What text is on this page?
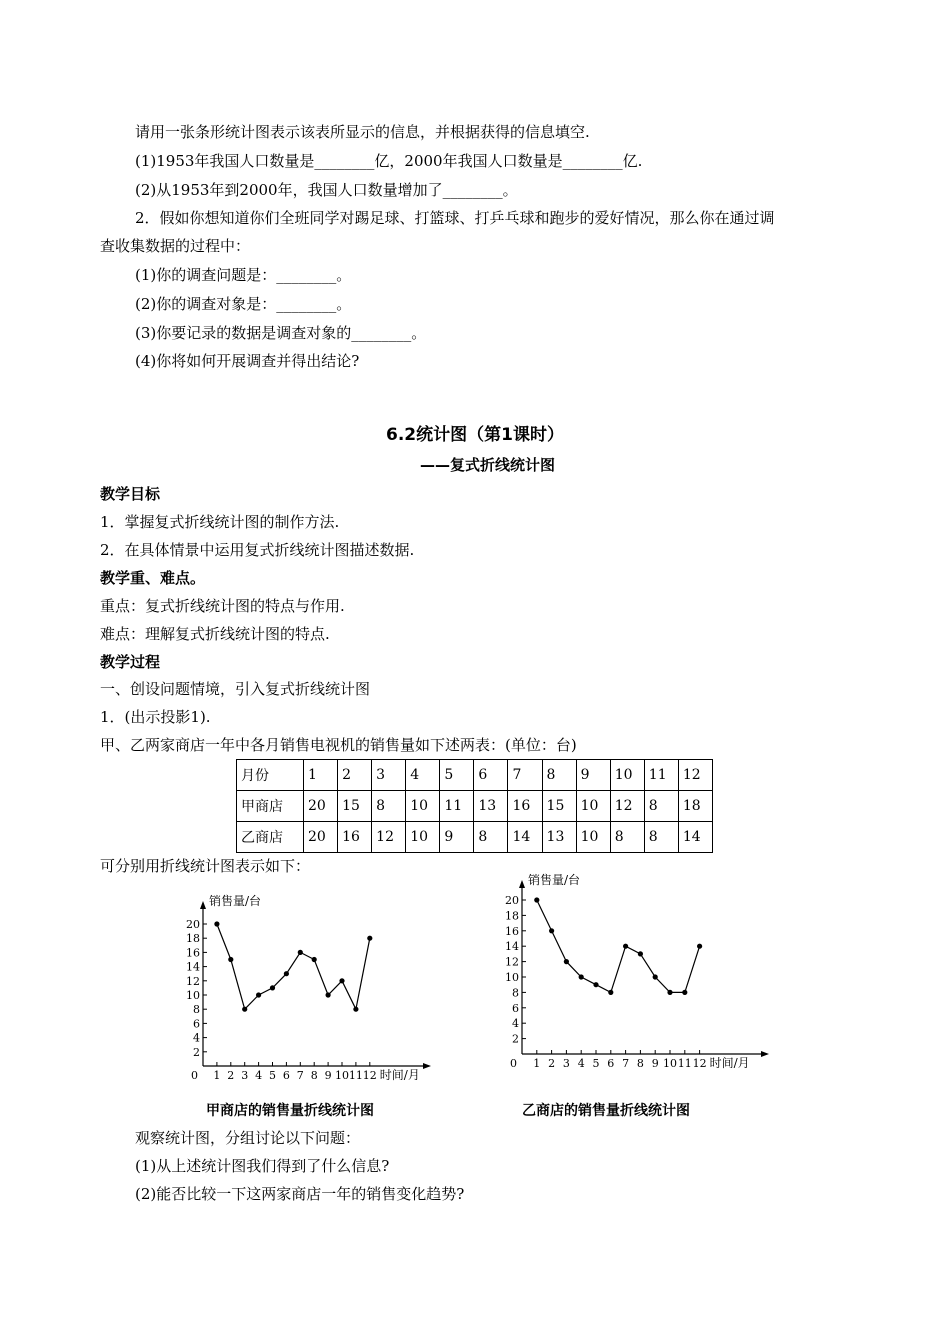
请用一张条形统计图表示该表所显示的信息，并根据获得的信息填空.
(1)1953年我国人口数量是________亿，2000年我国人口数量是________亿.
(2)从1953年到2000年，我国人口数量增加了________。
2．假如你想知道你们全班同学对踢足球、打篮球、打乒乓球和跑步的爱好情况，那么你在通过调
查收集数据的过程中：
(1)你的调查问题是：________。
(2)你的调查对象是：________。
(3)你要记录的数据是调查对象的________。
(4)你将如何开展调查并得出结论?
6.2统计图（第1课时）
——复式折线统计图
教学目标
1．掌握复式折线统计图的制作方法.
2．在具体情景中运用复式折线统计图描述数据.
教学重、难点。
重点：复式折线统计图的特点与作用.
难点：理解复式折线统计图的特点.
教学过程
一、创设问题情境，引入复式折线统计图
1．(出示投影1).
甲、乙两家商店一年中各月销售电视机的销售量如下述两表：(单位：台)
月份	1	2	3	4	5	6	7	8	9	10	11	12
甲商店	20	15	8	10	11	13	16	15	10	12	8	18
乙商店	20	16	12	10	9	8	14	13	10	8	8	14
可分别用折线统计图表示如下：
2
4
6
8
10
12
14
16
18
20
1 2 3 4 5 6 7 8 9 10 11 12
0	时间/月
销售量/台
2
4
6
8
10
12
14
16
18
20
1 2 3 4 5 6 7 8 9 10 11 12
0	时间/月
销售量/台
甲商店的销售量折线统计图	乙商店的销售量折线统计图
观察统计图，分组讨论以下问题：
(1)从上述统计图我们得到了什么信息?
(2)能否比较一下这两家商店一年的销售变化趋势?
